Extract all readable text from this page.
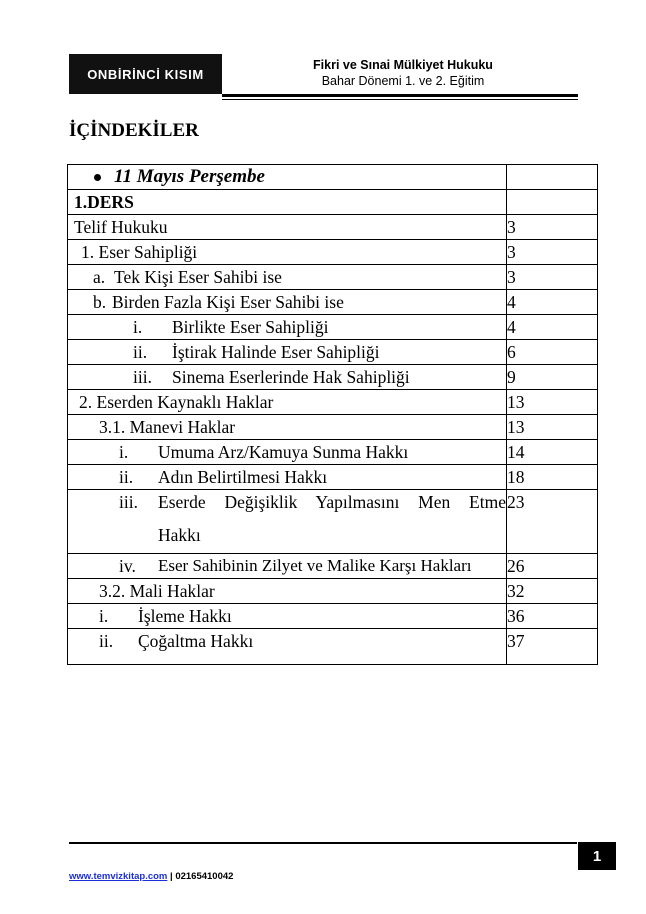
ONBİRİNCİ KISIM
Fikri ve Sınai Mülkiyet Hukuku
Bahar Dönemi 1. ve 2. Eğitim
İÇİNDEKİLER
11 Mayıs Perşembe	

1.DERS	
Telif Hukuku	3
1. Eser Sahipliği	3

a. Tek Kişi Eser Sahibi ise	3

b. Birden Fazla Kişi Eser Sahibi ise	4

i. Birlikte Eser Sahipliği	4

ii. İştirak Halinde Eser Sahipliği	6

iii. Sinema Eserlerinde Hak Sahipliği	9
2. Eserden Kaynaklı Haklar	13
3.1. Manevi Haklar	13

i. Umuma Arz/Kamuya Sunma Hakkı	14

ii. Adın Belirtilmesi Hakkı	18

iii. Eserde Değişiklik Yapılmasını Men Etme
Hakkı	23

iv. Eser Sahibinin Zilyet ve Malike Karşı Hakları	26
3.2. Mali Haklar	32

i. İşleme Hakkı	36

ii. Çoğaltma Hakkı	37
1
www.temvizkitap.com | 02165410042
